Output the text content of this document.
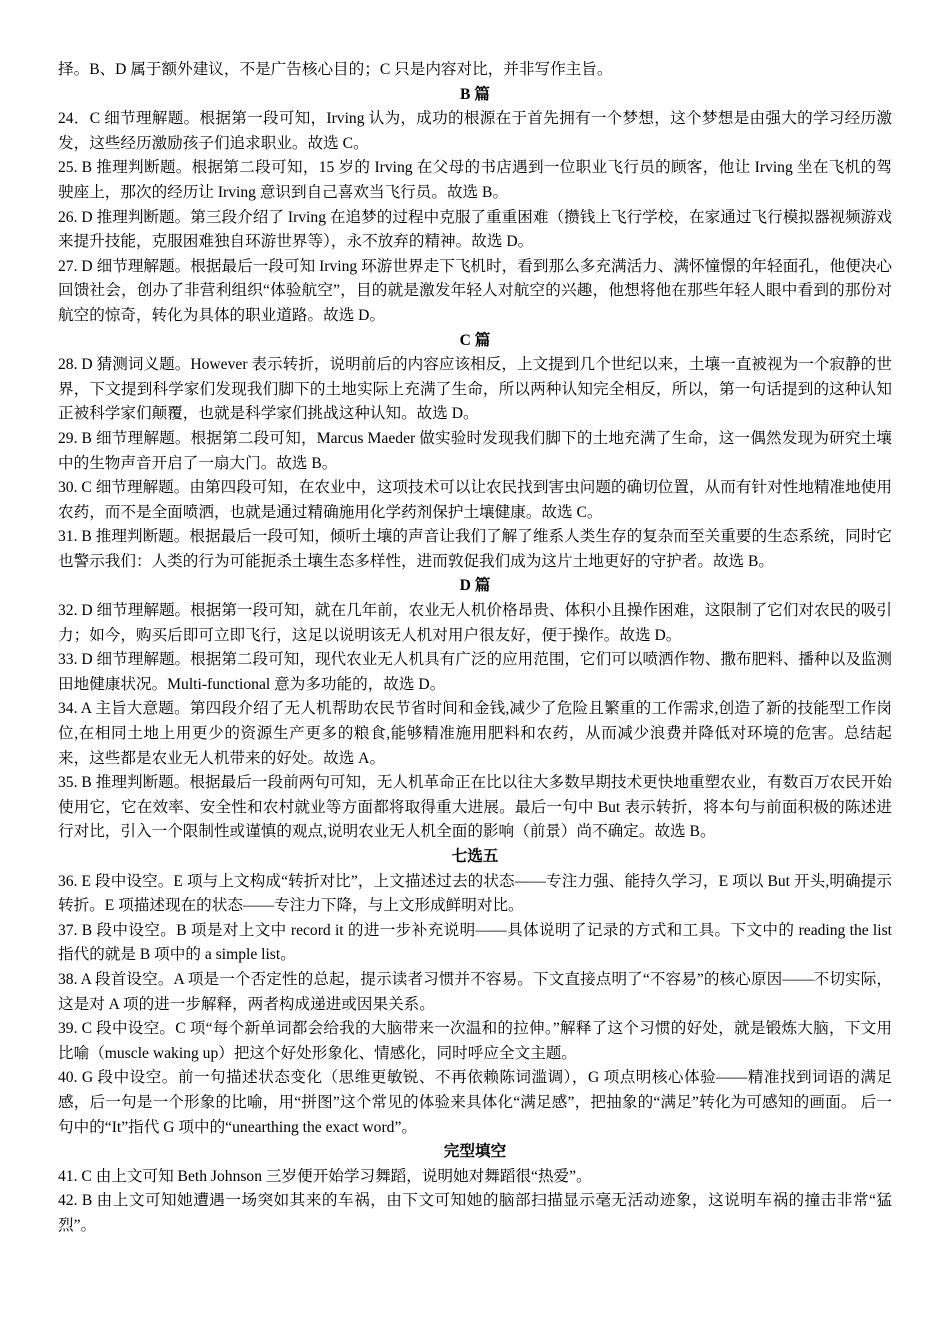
择。B、D 属于额外建议，不是广告核心目的；C 只是内容对比，并非写作主旨。

B 篇

24．C 细节理解题。根据第一段可知，Irving 认为，成功的根源在于首先拥有一个梦想，这个梦想是由强大的学习经历激发，这些经历激励孩子们追求职业。故选 C。

25. B 推理判断题。根据第二段可知，15 岁的 Irving 在父母的书店遇到一位职业飞行员的顾客，他让 Irving 坐在飞机的驾驶座上，那次的经历让 Irving 意识到自己喜欢当飞行员。故选 B。

26. D 推理判断题。第三段介绍了 Irving 在追梦的过程中克服了重重困难（攒钱上飞行学校，在家通过飞行模拟器视频游戏来提升技能，克服困难独自环游世界等），永不放弃的精神。故选 D。

27. D 细节理解题。根据最后一段可知 Irving 环游世界走下飞机时，看到那么多充满活力、满怀憧憬的年轻面孔，他便决心回馈社会，创办了非营利组织“体验航空”，目的就是激发年轻人对航空的兴趣，他想将他在那些年轻人眼中看到的那份对航空的惊奇，转化为具体的职业道路。故选 D。

C 篇

28. D 猜测词义题。However 表示转折，说明前后的内容应该相反，上文提到几个世纪以来，土壤一直被视为一个寂静的世界，下文提到科学家们发现我们脚下的土地实际上充满了生命，所以两种认知完全相反，所以，第一句话提到的这种认知正被科学家们颠覆，也就是科学家们挑战这种认知。故选 D。

29. B 细节理解题。根据第二段可知，Marcus Maeder 做实验时发现我们脚下的土地充满了生命，这一偶然发现为研究土壤中的生物声音开启了一扇大门。故选 B。

30. C 细节理解题。由第四段可知，在农业中，这项技术可以让农民找到害虫问题的确切位置，从而有针对性地精准地使用农药，而不是全面喷洒，也就是通过精确施用化学药剂保护土壤健康。故选 C。

31. B 推理判断题。根据最后一段可知，倾听土壤的声音让我们了解了维系人类生存的复杂而至关重要的生态系统，同时它也警示我们：人类的行为可能扼杀土壤生态多样性，进而敦促我们成为这片土地更好的守护者。故选 B。

D 篇

32. D 细节理解题。根据第一段可知，就在几年前，农业无人机价格昂贵、体积小且操作困难，这限制了它们对农民的吸引力；如今，购买后即可立即飞行，这足以说明该无人机对用户很友好，便于操作。故选 D。

33. D 细节理解题。根据第二段可知，现代农业无人机具有广泛的应用范围，它们可以喷洒作物、撒布肥料、播种以及监测田地健康状况。Multi-functional 意为多功能的，故选 D。

34. A 主旨大意题。第四段介绍了无人机帮助农民节省时间和金钱,减少了危险且繁重的工作需求,创造了新的技能型工作岗位,在相同土地上用更少的资源生产更多的粮食,能够精准施用肥料和农药，从而减少浪费并降低对环境的危害。总结起来，这些都是农业无人机带来的好处。故选 A。

35. B 推理判断题。根据最后一段前两句可知，无人机革命正在比以往大多数早期技术更快地重塑农业，有数百万农民开始使用它，它在效率、安全性和农村就业等方面都将取得重大进展。最后一句中 But 表示转折，将本句与前面积极的陈述进行对比，引入一个限制性或谨慎的观点,说明农业无人机全面的影响（前景）尚不确定。故选 B。

七选五

36. E 段中设空。E 项与上文构成“转折对比”，上文描述过去的状态——专注力强、能持久学习，E 项以 But 开头,明确提示转折。E 项描述现在的状态——专注力下降，与上文形成鲜明对比。

37. B 段中设空。B 项是对上文中 record it 的进一步补充说明——具体说明了记录的方式和工具。下文中的 reading the list 指代的就是 B 项中的 a simple list。

38. A 段首设空。A 项是一个否定性的总起，提示读者习惯并不容易。下文直接点明了“不容易”的核心原因——不切实际，这是对 A 项的进一步解释，两者构成递进或因果关系。

39. C 段中设空。C 项“每个新单词都会给我的大脑带来一次温和的拉伸。”解释了这个习惯的好处，就是锻炼大脑，下文用比喻（muscle waking up）把这个好处形象化、情感化，同时呼应全文主题。

40. G 段中设空。前一句描述状态变化（思维更敏锐、不再依赖陈词滥调），G 项点明核心体验——精准找到词语的满足感，后一句是一个形象的比喻，用“拼图”这个常见的体验来具体化“满足感”，把抽象的“满足”转化为可感知的画面。 后一句中的“It”指代 G 项中的“unearthing the exact word”。

完型填空

41. C 由上文可知 Beth Johnson 三岁便开始学习舞蹈，说明她对舞蹈很“热爱”。

42. B 由上文可知她遭遇一场突如其来的车祸，由下文可知她的脑部扫描显示毫无活动迹象，这说明车祸的撞击非常“猛烈”。
